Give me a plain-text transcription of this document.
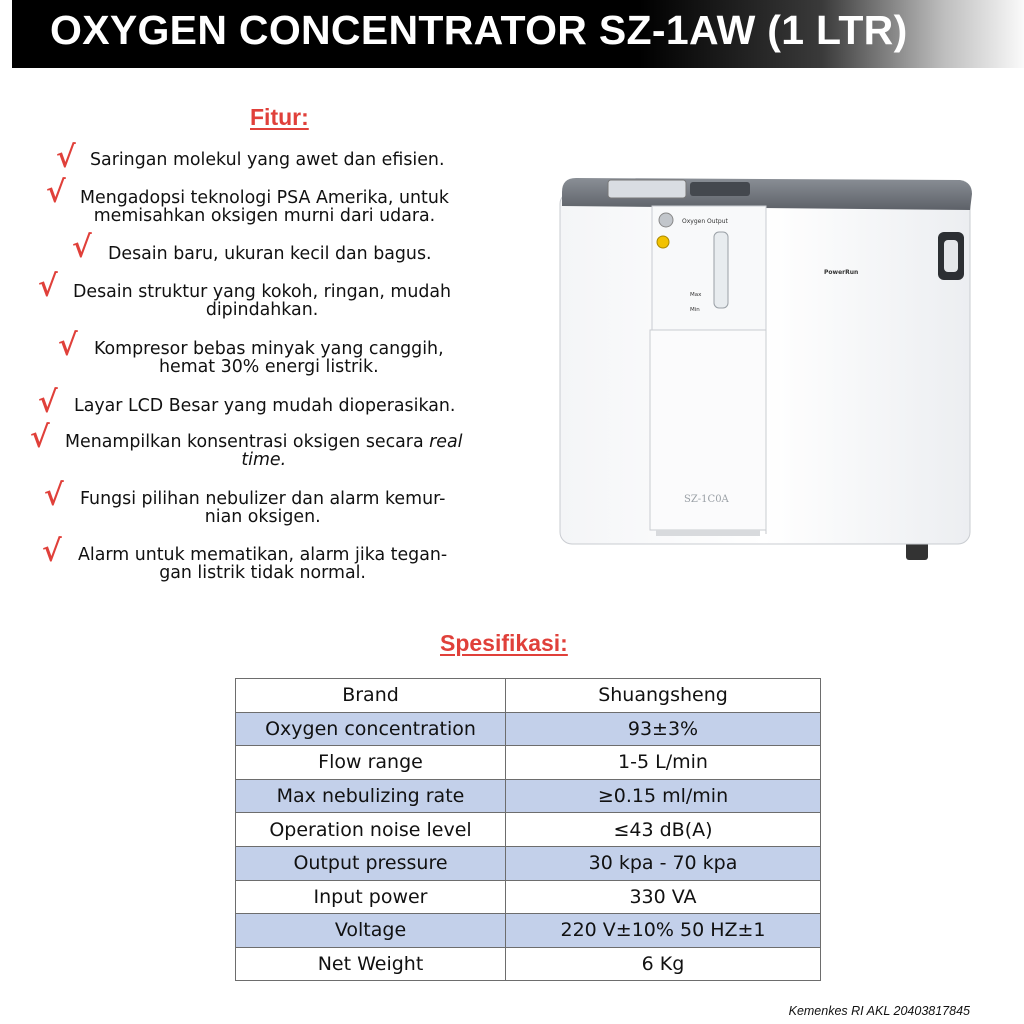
OXYGEN CONCENTRATOR SZ-1AW (1 LTR)
Fitur:
√ Saringan molekul yang awet dan efisien.
√ Mengadopsi teknologi PSA Amerika, untuk
memisahkan oksigen murni dari udara.
√ Desain baru, ukuran kecil dan bagus.
√ Desain struktur yang kokoh, ringan, mudah
dipindahkan.
√ Kompresor bebas minyak yang canggih,
hemat 30% energi listrik.
√ Layar LCD Besar yang mudah dioperasikan.
√ Menampilkan konsentrasi oksigen secara real
time.
√ Fungsi pilihan nebulizer dan alarm kemur-
nian oksigen.
√ Alarm untuk mematikan, alarm jika tegan-
gan listrik tidak normal.
Oxygen Output
Max
Min
SZ-1C0A
PowerRun
Spesifikasi:
Brand	Shuangsheng
Oxygen concentration	93±3%
Flow range	1-5 L/min
Max nebulizing rate	≥0.15 ml/min
Operation noise level	≤43 dB(A)
Output pressure	30 kpa - 70 kpa
Input power	330 VA
Voltage	220 V±10% 50 HZ±1
Net Weight	6 Kg
Kemenkes RI AKL 20403817845
